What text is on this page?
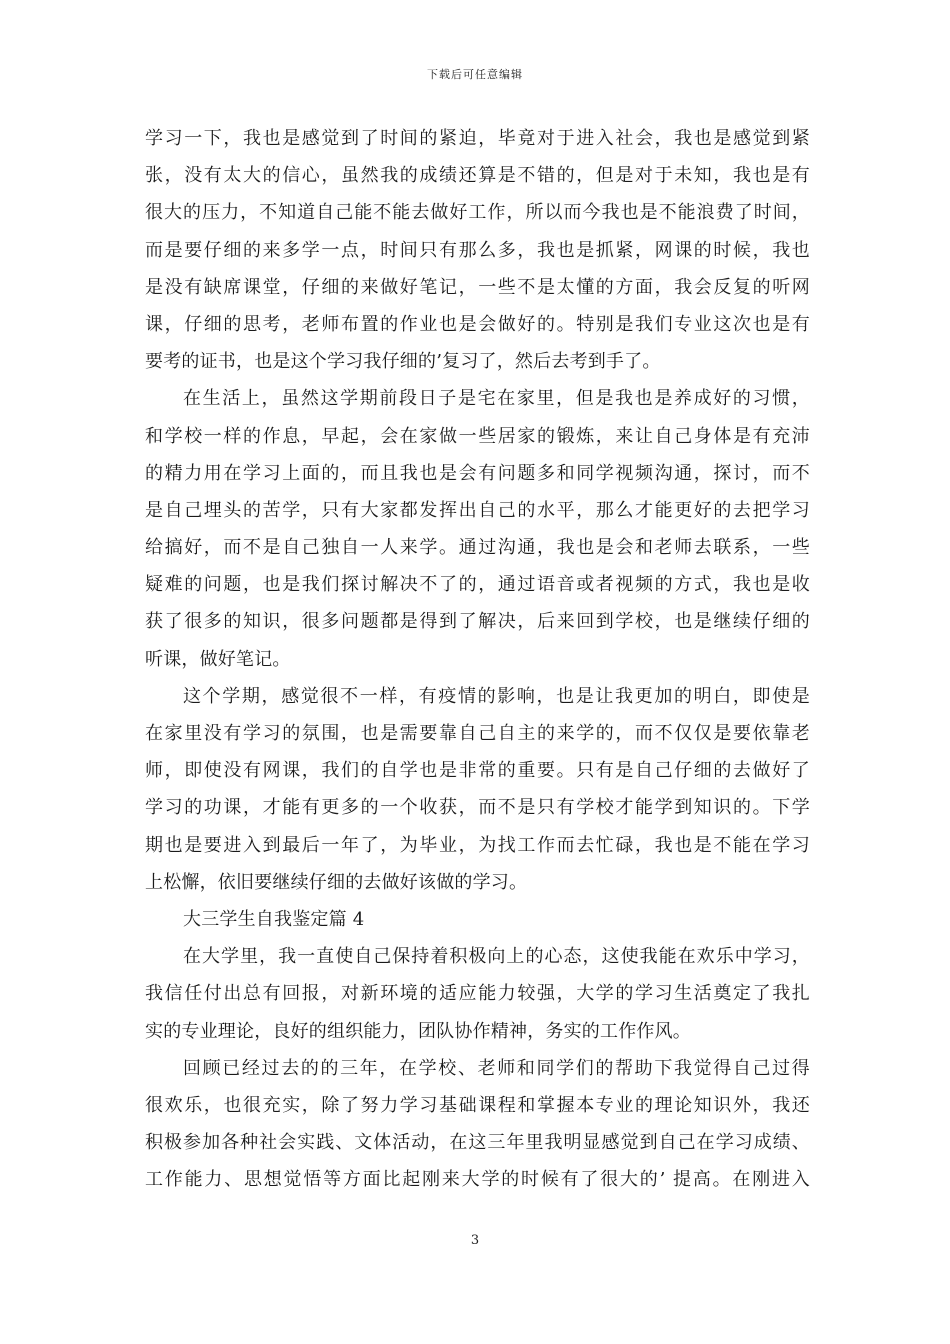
下载后可任意编辑
学习一下，我也是感觉到了时间的紧迫，毕竟对于进入社会，我也是感觉到紧
张，没有太大的信心，虽然我的成绩还算是不错的，但是对于未知，我也是有
很大的压力，不知道自己能不能去做好工作，所以而今我也是不能浪费了时间，
而是要仔细的来多学一点，时间只有那么多，我也是抓紧，网课的时候，我也
是没有缺席课堂，仔细的来做好笔记，一些不是太懂的方面，我会反复的听网
课，仔细的思考，老师布置的作业也是会做好的。特别是我们专业这次也是有
要考的证书，也是这个学习我仔细的’复习了，然后去考到手了。
在生活上，虽然这学期前段日子是宅在家里，但是我也是养成好的习惯，
和学校一样的作息，早起，会在家做一些居家的锻炼，来让自己身体是有充沛
的精力用在学习上面的，而且我也是会有问题多和同学视频沟通，探讨，而不
是自己埋头的苦学，只有大家都发挥出自己的水平，那么才能更好的去把学习
给搞好，而不是自己独自一人来学。通过沟通，我也是会和老师去联系，一些
疑难的问题，也是我们探讨解决不了的，通过语音或者视频的方式，我也是收
获了很多的知识，很多问题都是得到了解决，后来回到学校，也是继续仔细的
听课，做好笔记。
这个学期，感觉很不一样，有疫情的影响，也是让我更加的明白，即使是
在家里没有学习的氛围，也是需要靠自己自主的来学的，而不仅仅是要依靠老
师，即使没有网课，我们的自学也是非常的重要。只有是自己仔细的去做好了
学习的功课，才能有更多的一个收获，而不是只有学校才能学到知识的。下学
期也是要进入到最后一年了，为毕业，为找工作而去忙碌，我也是不能在学习
上松懈，依旧要继续仔细的去做好该做的学习。
大三学生自我鉴定篇 4
在大学里，我一直使自己保持着积极向上的心态，这使我能在欢乐中学习，
我信任付出总有回报，对新环境的适应能力较强，大学的学习生活奠定了我扎
实的专业理论，良好的组织能力，团队协作精神，务实的工作作风。
回顾已经过去的的三年，在学校、老师和同学们的帮助下我觉得自己过得
很欢乐，也很充实，除了努力学习基础课程和掌握本专业的理论知识外，我还
积极参加各种社会实践、文体活动，在这三年里我明显感觉到自己在学习成绩、
工作能力、思想觉悟等方面比起刚来大学的时候有了很大的’ 提高。在刚进入
3
